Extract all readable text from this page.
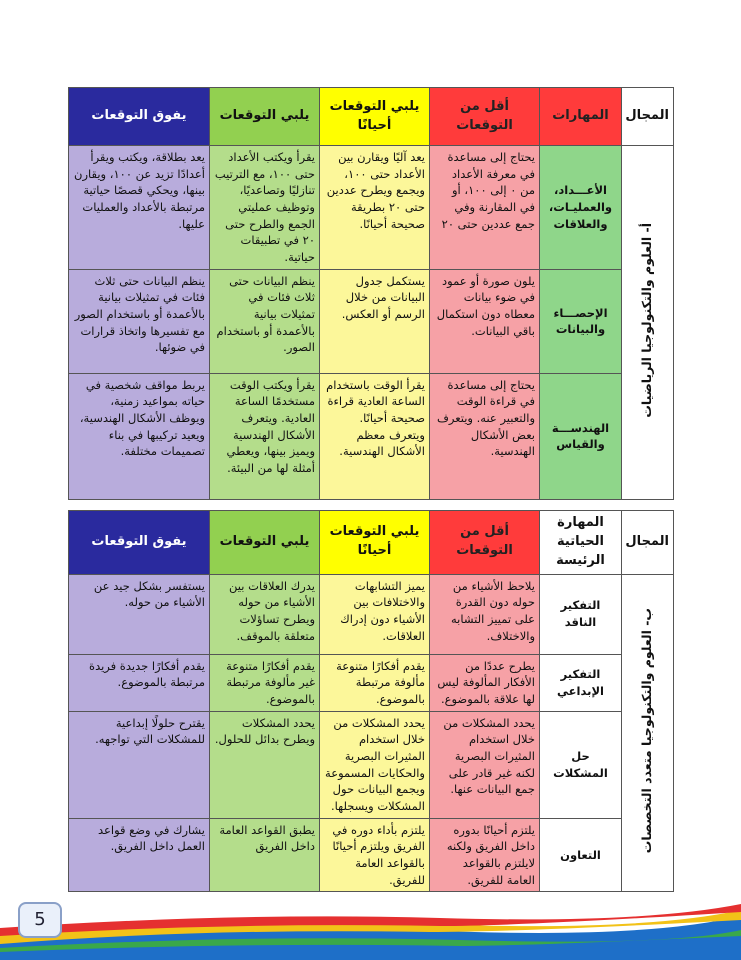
المجال	المهارات	أقل من التوقعات	يلبي التوقعات أحيانًا	يلبي التوقعات	يفوق التوقعات
أ- العلوم والتكنولوجيا الرياضيات	الأعـــداد، والعمليـات، والعلاقات	يحتاج إلى مساعدة في معرفة الأعداد من ٠ إلى ١٠٠، أو في المقارنة وفي جمع عددين حتى ٢٠	يعد آليًا ويقارن بين الأعداد حتى ١٠٠، ويجمع ويطرح عددين حتى ٢٠ بطريقة صحيحة أحيانًا.	يقرأ ويكتب الأعداد حتى ١٠٠، مع الترتيب تنازليًا وتصاعديًا، وتوظيف عمليتي الجمع والطرح حتى ٢٠ في تطبيقات حياتية.	يعد بطلاقة، ويكتب ويقرأ أعدادًا تزيد عن ١٠٠، ويقارن بينها، ويحكي قصصًا حياتية مرتبطة بالأعداد والعمليات عليها.
	الإحصـــاء والبيانات	يلون صورة أو عمود في ضوء بيانات معطاه دون استكمال باقي البيانات.	يستكمل جدول البيانات من خلال الرسم أو العكس.	ينظم البيانات حتى ثلاث فئات في تمثيلات بيانية بالأعمدة أو باستخدام الصور.	ينظم البيانات حتى ثلاث فئات في تمثيلات بيانية بالأعمدة أو باستخدام الصور مع تفسيرها واتخاذ قرارات في ضوئها.
	الهندســـة والقياس	يحتاج إلى مساعدة في قراءة الوقت والتعبير عنه. ويتعرف بعض الأشكال الهندسية.	يقرأ الوقت باستخدام الساعة العادية قراءة صحيحة أحيانًا. ويتعرف معظم الأشكال الهندسية.	يقرأ ويكتب الوقت مستخدمًا الساعة العادية. ويتعرف الأشكال الهندسية ويميز بينها، ويعطي أمثلة لها من البيئة.	يربط مواقف شخصية في حياته بمواعيد زمنية، ويوظف الأشكال الهندسية، ويعيد تركيبها في بناء تصميمات مختلفة.
المجال	المهارة الحياتية الرئيسة	أقل من التوقعات	يلبي التوقعات أحيانًا	يلبي التوقعات	يفوق التوقعات
ب- العلوم والتكنولوجيا متعدد التخصصات	التفكير الناقد	يلاحظ الأشياء من حوله دون القدرة على تمييز التشابه والاختلاف.	يميز التشابهات والاختلافات بين الأشياء دون إدراك العلاقات.	يدرك العلاقات بين الأشياء من حوله ويطرح تساؤلات متعلقة بالموقف.	يستفسر بشكل جيد عن الأشياء من حوله.
	التفكير الإبداعي	يطرح عددًا من الأفكار المألوفة ليس لها علاقة بالموضوع.	يقدم أفكارًا متنوعة مألوفة مرتبطة بالموضوع.	يقدم أفكارًا متنوعة غير مألوفة مرتبطة بالموضوع.	يقدم أفكارًا جديدة فريدة مرتبطة بالموضوع.
	حل المشكلات	يحدد المشكلات من خلال استخدام المثيرات البصرية لكنه غير قادر على جمع البيانات عنها.	يحدد المشكلات من خلال استخدام المثيرات البصرية والحكايات المسموعة ويجمع البيانات حول المشكلات ويسجلها.	يحدد المشكلات ويطرح بدائل للحلول.	يقترح حلولًا إبداعية للمشكلات التي تواجهه.
	التعاون	يلتزم أحيانًا بدوره داخل الفريق ولكنه لايلتزم بالقواعد العامة للفريق.	يلتزم بأداء دوره في الفريق ويلتزم أحيانًا بالقواعد العامة للفريق.	يطبق القواعد العامة داخل الفريق	يشارك في وضع قواعد العمل داخل الفريق.
5
